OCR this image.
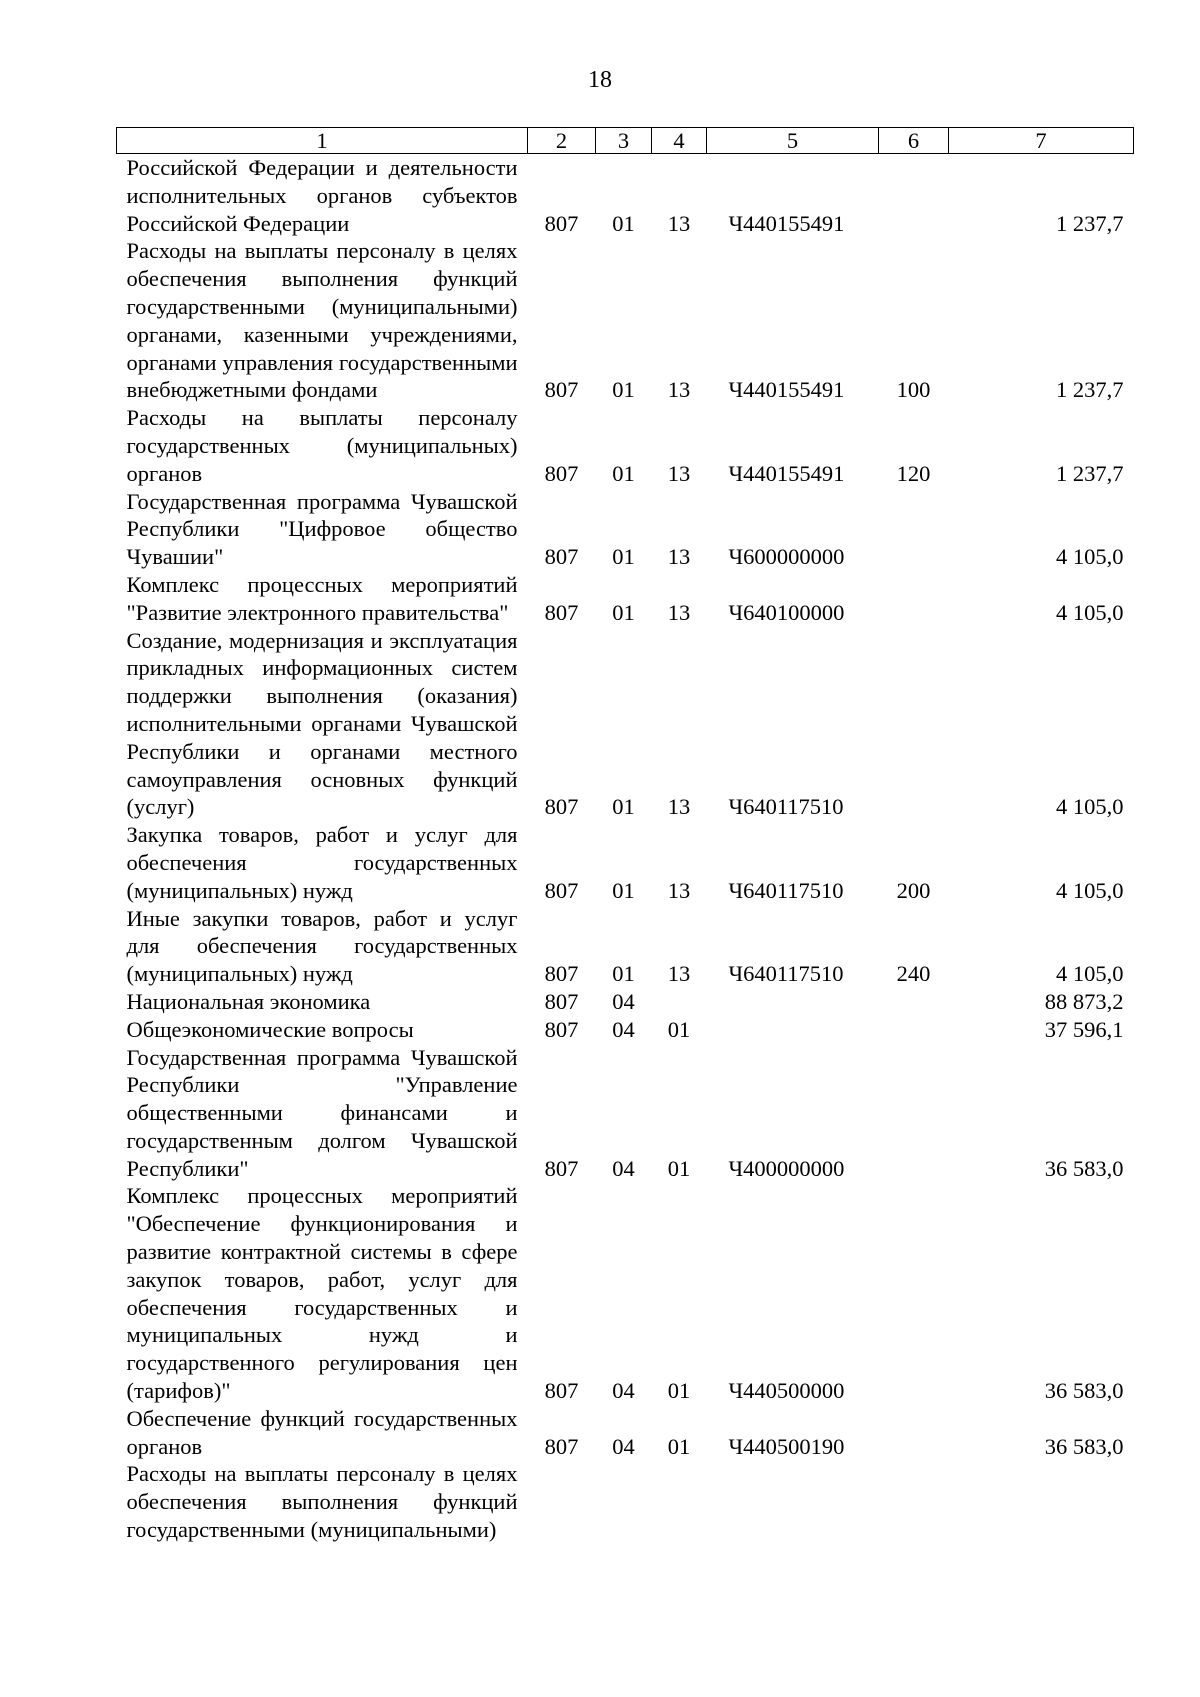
18
1	2	3	4	5	6	7
Российской Федерации и деятельности исполнительных органов субъектов Российской Федерации	807	01	13	Ч440155491		1 237,7
Расходы на выплаты персоналу в целях обеспечения выполнения функций государственными (муниципальными) органами, казенными учреждениями, органами управления государственными внебюджетными фондами	807	01	13	Ч440155491	100	1 237,7
Расходы на выплаты персоналу государственных (муниципальных) органов	807	01	13	Ч440155491	120	1 237,7
Государственная программа Чувашской Республики "Цифровое общество Чувашии"	807	01	13	Ч600000000		4 105,0
Комплекс процессных мероприятий "Развитие электронного правительства"	807	01	13	Ч640100000		4 105,0
Создание, модернизация и эксплуатация прикладных информационных систем поддержки выполнения (оказания) исполнительными органами Чувашской Республики и органами местного самоуправления основных функций (услуг)	807	01	13	Ч640117510		4 105,0
Закупка товаров, работ и услуг для обеспечения государственных (муниципальных) нужд	807	01	13	Ч640117510	200	4 105,0
Иные закупки товаров, работ и услуг для обеспечения государственных (муниципальных) нужд	807	01	13	Ч640117510	240	4 105,0
Национальная экономика	807	04				88 873,2
Общеэкономические вопросы	807	04	01			37 596,1
Государственная программа Чувашской Республики "Управление общественными финансами и государственным долгом Чувашской Республики"	807	04	01	Ч400000000		36 583,0
Комплекс процессных мероприятий "Обеспечение функционирования и развитие контрактной системы в сфере закупок товаров, работ, услуг для обеспечения государственных и муниципальных нужд и государственного регулирования цен (тарифов)"	807	04	01	Ч440500000		36 583,0
Обеспечение функций государственных органов	807	04	01	Ч440500190		36 583,0
Расходы на выплаты персоналу в целях обеспечения выполнения функций государственными (муниципальными)						
